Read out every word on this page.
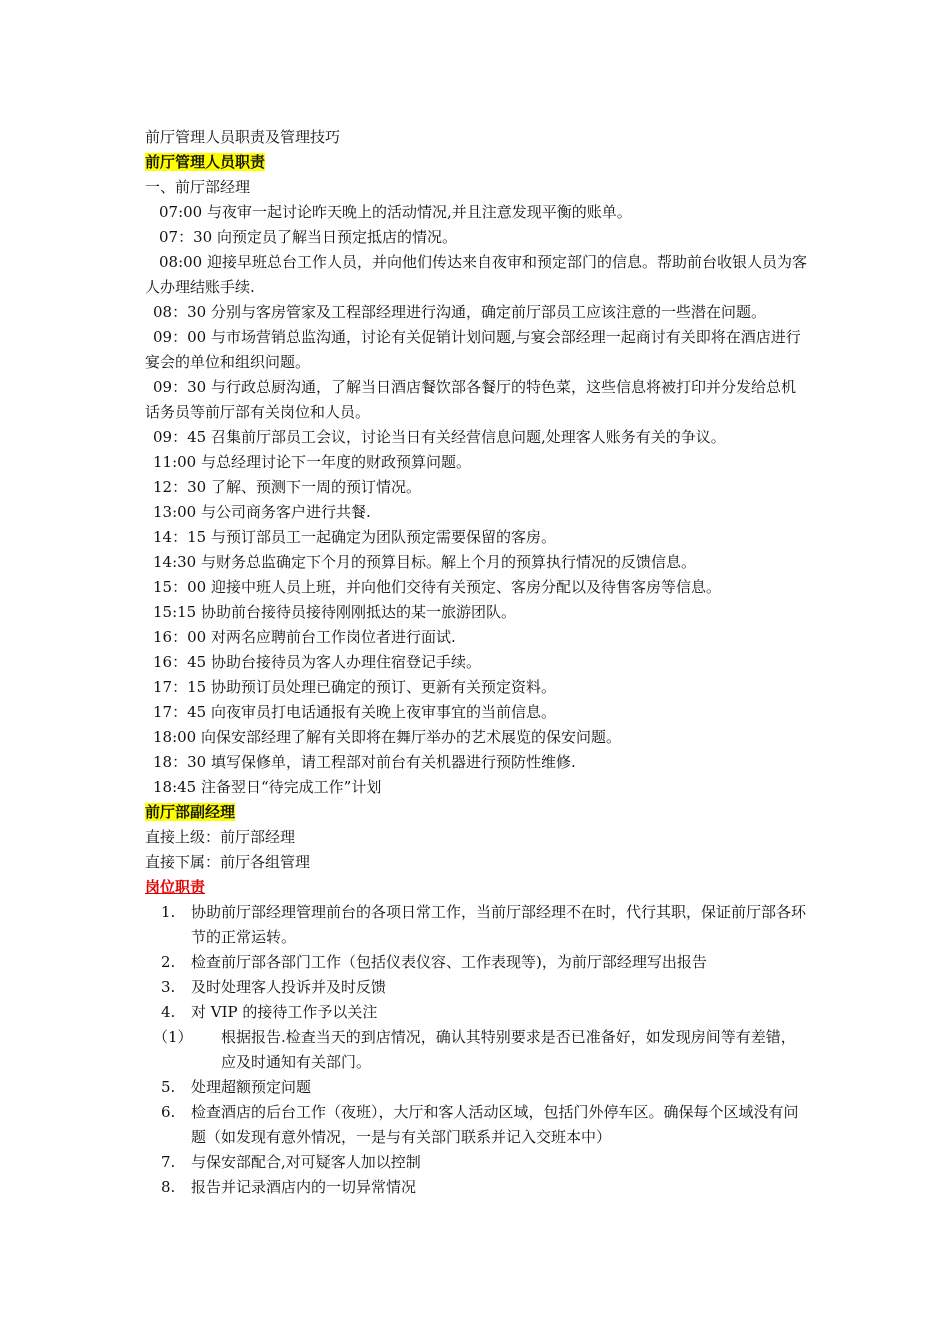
前厅管理人员职责及管理技巧

前厅管理人员职责

一、前厅部经理

07:00 与夜审一起讨论昨天晚上的活动情况,并且注意发现平衡的账单。

07：30 向预定员了解当日预定抵店的情况。

08:00 迎接早班总台工作人员，并向他们传达来自夜审和预定部门的信息。帮助前台收银人员为客人办理结账手续.

08：30 分别与客房管家及工程部经理进行沟通，确定前厅部员工应该注意的一些潜在问题。

09：00 与市场营销总监沟通，讨论有关促销计划问题,与宴会部经理一起商讨有关即将在酒店进行宴会的单位和组织问题。

09：30 与行政总厨沟通，了解当日酒店餐饮部各餐厅的特色菜，这些信息将被打印并分发给总机话务员等前厅部有关岗位和人员。

09：45 召集前厅部员工会议，讨论当日有关经营信息问题,处理客人账务有关的争议。

11:00 与总经理讨论下一年度的财政预算问题。

12：30 了解、预测下一周的预订情况。

13:00 与公司商务客户进行共餐.

14：15 与预订部员工一起确定为团队预定需要保留的客房。

14:30 与财务总监确定下个月的预算目标。解上个月的预算执行情况的反馈信息。

15：00 迎接中班人员上班，并向他们交待有关预定、客房分配以及待售客房等信息。

15:15 协助前台接待员接待刚刚抵达的某一旅游团队。

16：00 对两名应聘前台工作岗位者进行面试.

16：45 协助台接待员为客人办理住宿登记手续。

17：15 协助预订员处理已确定的预订、更新有关预定资料。

17：45 向夜审员打电话通报有关晚上夜审事宜的当前信息。

18:00 向保安部经理了解有关即将在舞厅举办的艺术展览的保安问题。

18：30 填写保修单，请工程部对前台有关机器进行预防性维修.

18:45 注备翌日“待完成工作”计划

前厅部副经理

直接上级：前厅部经理

直接下属：前厅各组管理

岗位职责

1. 协助前厅部经理管理前台的各项日常工作，当前厅部经理不在时，代行其职，保证前厅部各环节的正常运转。

2. 检查前厅部各部门工作（包括仪表仪容、工作表现等)，为前厅部经理写出报告

3. 及时处理客人投诉并及时反馈

4. 对 VIP 的接待工作予以关注

（1） 根据报告.检查当天的到店情况，确认其特别要求是否已准备好，如发现房间等有差错，应及时通知有关部门。

5. 处理超额预定问题

6. 检查酒店的后台工作（夜班），大厅和客人活动区域，包括门外停车区。确保每个区域没有问题（如发现有意外情况，一是与有关部门联系并记入交班本中）

7. 与保安部配合,对可疑客人加以控制

8. 报告并记录酒店内的一切异常情况
